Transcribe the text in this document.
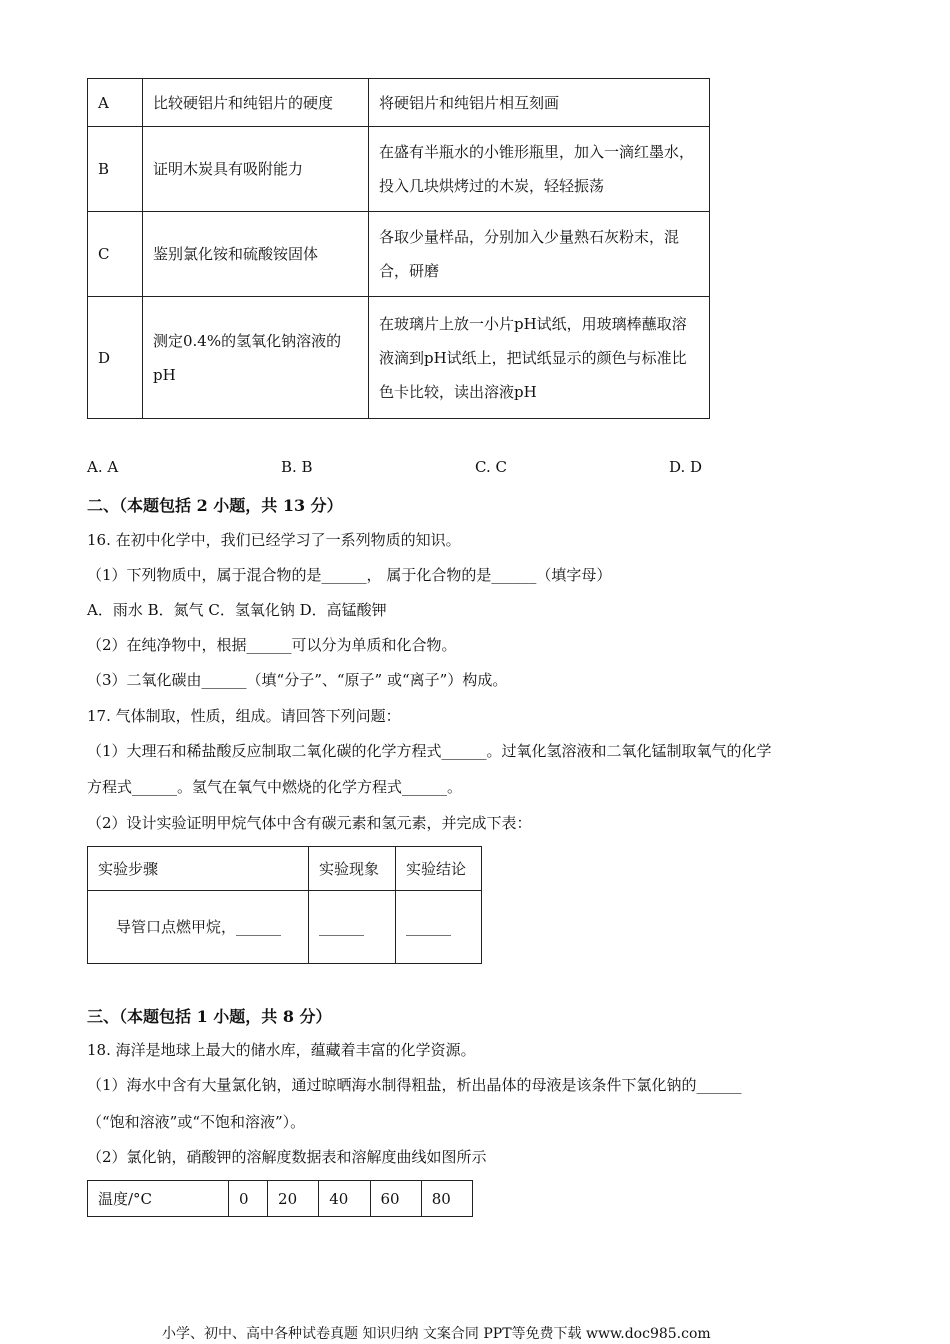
A	比较硬铝片和纯铝片的硬度	将硬铝片和纯铝片相互刻画
B	证明木炭具有吸附能力	在盛有半瓶水的小锥形瓶里，加入一滴红墨水，投入几块烘烤过的木炭，轻轻振荡
C	鉴别氯化铵和硫酸铵固体	各取少量样品，分别加入少量熟石灰粉末，混合，研磨
D	测定0.4%的氢氧化钠溶液的pH	在玻璃片上放一小片pH试纸，用玻璃棒蘸取溶液滴到pH试纸上，把试纸显示的颜色与标准比色卡比较，读出溶液pH
A. A	B. B	C. C	D. D
二、（本题包括 2 小题，共 13 分）
16. 在初中化学中，我们已经学习了一系列物质的知识。
（1）下列物质中，属于混合物的是______， 属于化合物的是______（填字母）
A．雨水 B．氮气 C．氢氧化钠 D．高锰酸钾
（2）在纯净物中，根据______可以分为单质和化合物。
（3）二氧化碳由______（填“分子”、“原子” 或“离子”）构成。
17. 气体制取，性质，组成。请回答下列问题：
（1）大理石和稀盐酸反应制取二氧化碳的化学方程式______。过氧化氢溶液和二氧化锰制取氧气的化学
方程式______。氢气在氧气中燃烧的化学方程式______。
（2）设计实验证明甲烷气体中含有碳元素和氢元素，并完成下表：
实验步骤	实验现象	实验结论
导管口点燃甲烷，______	______	______
三、（本题包括 1 小题，共 8 分）
18. 海洋是地球上最大的储水库，蕴藏着丰富的化学资源。
（1）海水中含有大量氯化钠，通过晾晒海水制得粗盐，析出晶体的母液是该条件下氯化钠的______
（“饱和溶液”或“不饱和溶液”）。
（2）氯化钠，硝酸钾的溶解度数据表和溶解度曲线如图所示
温度/°C	0	20	40	60	80
小学、初中、高中各种试卷真题 知识归纳 文案合同 PPT等免费下载 www.doc985.com
